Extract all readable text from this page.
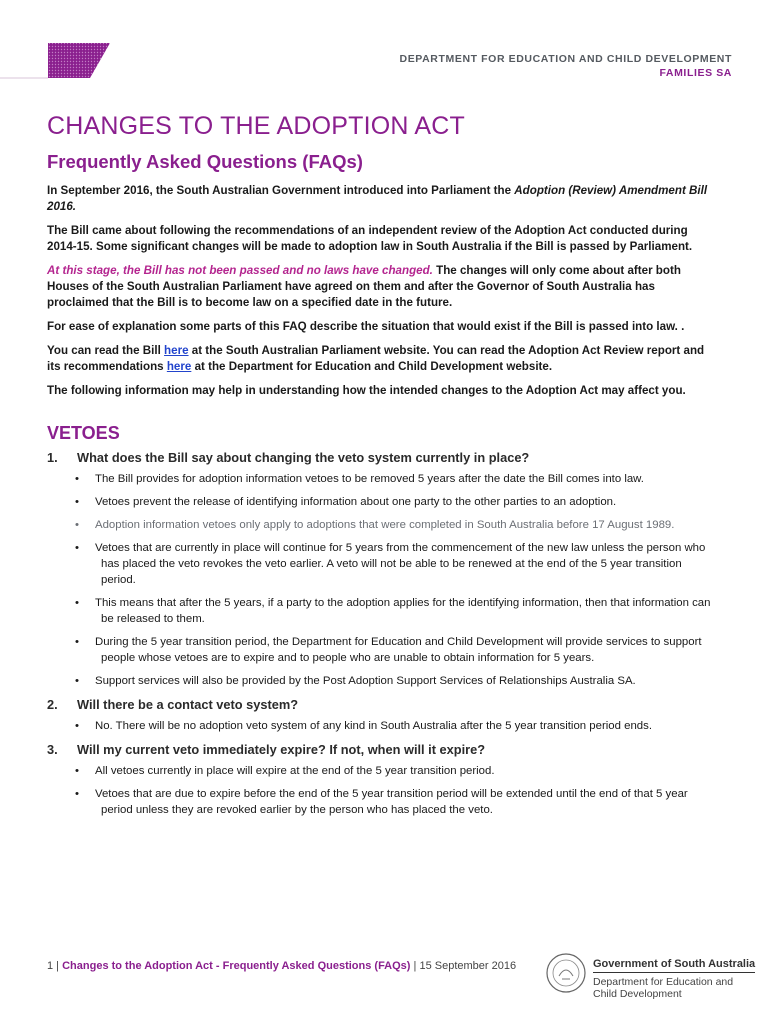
DEPARTMENT FOR EDUCATION AND CHILD DEVELOPMENT
FAMILIES SA
CHANGES TO THE ADOPTION ACT
Frequently Asked Questions (FAQs)

In September 2016, the South Australian Government introduced into Parliament the Adoption (Review) Amendment Bill 2016.

The Bill came about following the recommendations of an independent review of the Adoption Act conducted during 2014-15. Some significant changes will be made to adoption law in South Australia if the Bill is passed by Parliament.

At this stage, the Bill has not been passed and no laws have changed. The changes will only come about after both Houses of the South Australian Parliament have agreed on them and after the Governor of South Australia has proclaimed that the Bill is to become law on a specified date in the future.

For ease of explanation some parts of this FAQ describe the situation that would exist if the Bill is passed into law. .

You can read the Bill here at the South Australian Parliament website. You can read the Adoption Act Review report and its recommendations here at the Department for Education and Child Development website.

The following information may help in understanding how the intended changes to the Adoption Act may affect you.

VETOES
1.	What does the Bill say about changing the veto system currently in place?
• The Bill provides for adoption information vetoes to be removed 5 years after the date the Bill comes into law.
• Vetoes prevent the release of identifying information about one party to the other parties to an adoption.
• Adoption information vetoes only apply to adoptions that were completed in South Australia before 17 August 1989.
• Vetoes that are currently in place will continue for 5 years from the commencement of the new law unless the person who has placed the veto revokes the veto earlier. A veto will not be able to be renewed at the end of the 5 year transition period.
• This means that after the 5 years, if a party to the adoption applies for the identifying information, then that information can be released to them.
• During the 5 year transition period, the Department for Education and Child Development will provide services to support people whose vetoes are to expire and to people who are unable to obtain information for 5 years.
• Support services will also be provided by the Post Adoption Support Services of Relationships Australia SA.
2.	Will there be a contact veto system?
• No. There will be no adoption veto system of any kind in South Australia after the 5 year transition period ends.
3.	Will my current veto immediately expire? If not, when will it expire?
• All vetoes currently in place will expire at the end of the 5 year transition period.
• Vetoes that are due to expire before the end of the 5 year transition period will be extended until the end of that 5 year period unless they are revoked earlier by the person who has placed the veto.
1 | Changes to the Adoption Act - Frequently Asked Questions (FAQs) | 15 September 2016	Government of South Australia
Department for Education and
Child Development
